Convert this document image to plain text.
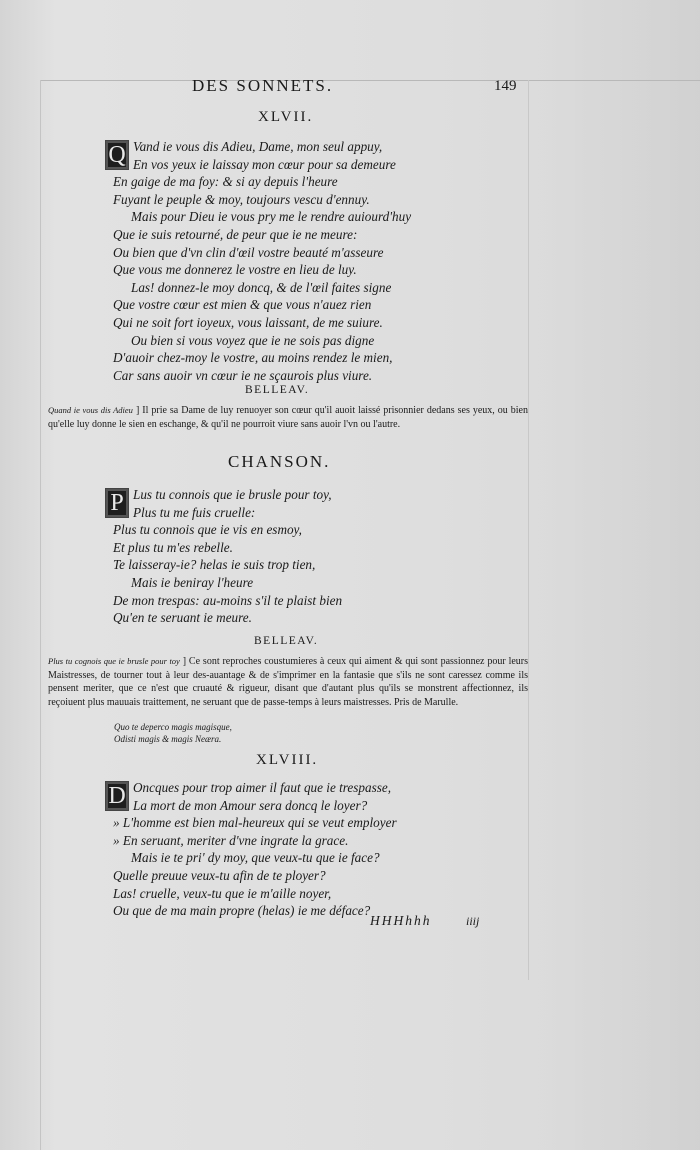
DES SONNETS.	149
XLVII.
Q Vand ie vous dis Adieu, Dame, mon seul appuy,
En vos yeux ie laissay mon cœur pour sa demeure
En gaige de ma foy: & si ay depuis l'heure
Fuyant le peuple & moy, toujours vescu d'ennuy.
Mais pour Dieu ie vous pry me le rendre auiourd'huy
Que ie suis retourné, de peur que ie ne meure:
Ou bien que d'vn clin d'œil vostre beauté m'asseure
Que vous me donnerez le vostre en lieu de luy.
Las! donnez-le moy doncq, & de l'œil faites signe
Que vostre cœur est mien & que vous n'auez rien
Qui ne soit fort ioyeux, vous laissant, de me suiure.
Ou bien si vous voyez que ie ne sois pas digne
D'auoir chez-moy le vostre, au moins rendez le mien,
Car sans auoir vn cœur ie ne sçaurois plus viure.
BELLEAV.
Quand ie vous dis Adieu ] Il prie sa Dame de luy renuoyer son cœur qu'il auoit laissé prisonnier dedans ses yeux, ou bien qu'elle luy donne le sien en eschange, & qu'il ne pourroit viure sans auoir l'vn ou l'autre.
CHANSON.
P Lus tu connois que ie brusle pour toy,
Plus tu me fuis cruelle:
Plus tu connois que ie vis en esmoy,
Et plus tu m'es rebelle.
Te laisseray-ie? helas ie suis trop tien,
Mais ie beniray l'heure
De mon trespas: au-moins s'il te plaist bien
Qu'en te seruant ie meure.
BELLEAV.
Plus tu cognois que ie brusle pour toy ] Ce sont reproches coustumieres à ceux qui aiment & qui sont passionnez pour leurs Maistresses, de tourner tout à leur des-auantage & de s'imprimer en la fantasie que s'ils ne sont caressez comme ils pensent meriter, que ce n'est que cruauté & rigueur, disant que d'autant plus qu'ils se monstrent affectionnez, ils reçoiuent plus mauuais traittement, ne seruant que de passe-temps à leurs maistresses. Pris de Marulle.
Quo te deperco magis magisque,
Odisti magis & magis Neæra.
XLVIII.
D Oncques pour trop aimer il faut que ie trespasse,
La mort de mon Amour sera doncq le loyer?
» L'homme est bien mal-heureux qui se veut employer
» En seruant, meriter d'vne ingrate la grace.
Mais ie te pri' dy moy, que veux-tu que ie face?
Quelle preuue veux-tu afin de te ployer?
Las! cruelle, veux-tu que ie m'aille noyer,
Ou que de ma main propre (helas) ie me déface?
HHHhhh	iiij
